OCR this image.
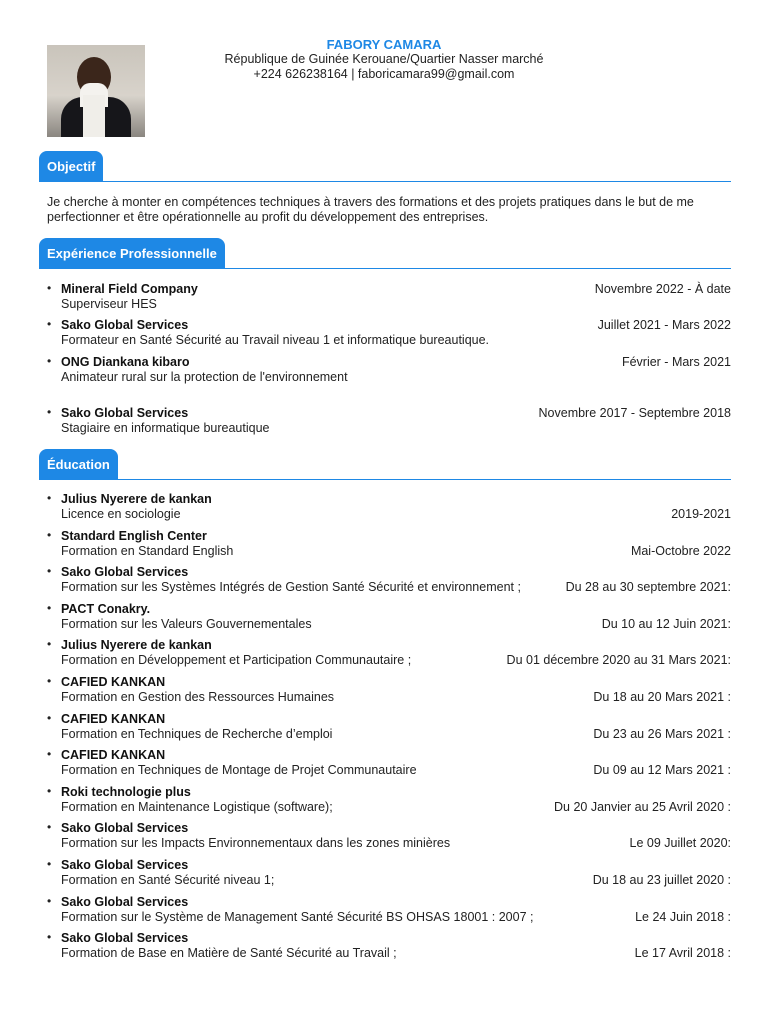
FABORY CAMARA
République de Guinée Kerouane/Quartier Nasser marché
+224 626238164 | faboricamara99@gmail.com
Objectif
Je cherche à monter en compétences techniques à travers des formations et des projets pratiques dans le but de me perfectionner et être opérationnelle au profit du développement des entreprises.
Expérience Professionnelle
• Mineral Field Company
Superviseur HES
Novembre 2022 - À date
• Sako Global Services
Formateur en Santé Sécurité au Travail niveau 1 et informatique bureautique.
Juillet 2021 - Mars 2022
• ONG Diankana kibaro
Animateur rural sur la protection de l'environnement
Février - Mars 2021
• Sako Global Services
Stagiaire en informatique bureautique
Novembre 2017 - Septembre 2018
Éducation
• Julius Nyerere de kankan
Licence en sociologie	2019-2021
• Standard English Center
Formation en Standard English	Mai-Octobre 2022
• Sako Global Services
Formation sur les Systèmes Intégrés de Gestion Santé Sécurité et environnement ;	Du 28 au 30 septembre 2021:
• PACT Conakry.
Formation sur les Valeurs Gouvernementales	Du 10 au 12 Juin 2021:
• Julius Nyerere de kankan
Formation en Développement et Participation Communautaire ;	Du 01 décembre 2020 au 31 Mars 2021:
• CAFIED KANKAN
Formation en Gestion des Ressources Humaines	Du 18 au 20 Mars 2021 :
• CAFIED KANKAN
Formation en Techniques de Recherche d’emploi	Du 23 au 26 Mars 2021 :
• CAFIED KANKAN
Formation en Techniques de Montage de Projet Communautaire	Du 09 au 12 Mars 2021 :
• Roki technologie plus
Formation en Maintenance Logistique (software);	Du 20 Janvier au 25 Avril 2020 :
• Sako Global Services
Formation sur les Impacts Environnementaux dans les zones minières	Le 09 Juillet 2020:
• Sako Global Services
Formation en Santé Sécurité niveau 1;	Du 18 au 23 juillet 2020 :
• Sako Global Services
Formation sur le Système de Management Santé Sécurité BS OHSAS 18001 : 2007 ;	Le 24 Juin 2018 :
• Sako Global Services
Formation de Base en Matière de Santé Sécurité au Travail ;	Le 17 Avril 2018 :
